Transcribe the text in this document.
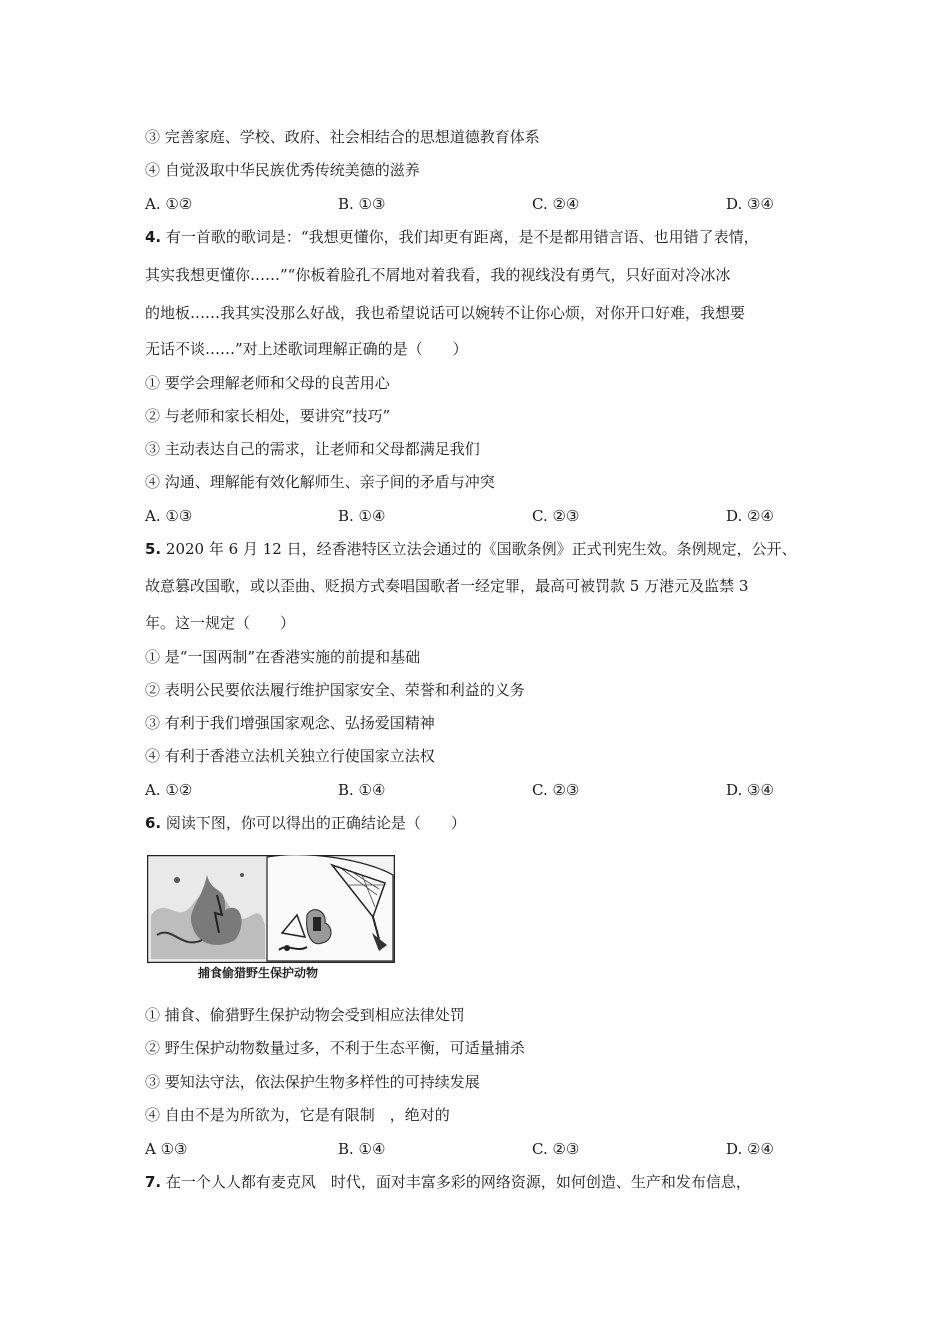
③ 完善家庭、学校、政府、社会相结合的思想道德教育体系
④ 自觉汲取中华民族优秀传统美德的滋养
A. ①②	B. ①③	C. ②④	D. ③④
4. 有一首歌的歌词是：“我想更懂你，我们却更有距离，是不是都用错言语、也用错了表情，
其实我想更懂你……”“你板着脸孔不屑地对着我看，我的视线没有勇气，只好面对冷冰冰
的地板……我其实没那么好战，我也希望说话可以婉转不让你心烦，对你开口好难，我想要
无话不谈……”对上述歌词理解正确的是（　　）
① 要学会理解老师和父母的良苦用心
② 与老师和家长相处，要讲究“技巧”
③ 主动表达自己的需求，让老师和父母都满足我们
④ 沟通、理解能有效化解师生、亲子间的矛盾与冲突
A. ①③	B. ①④	C. ②③	D. ②④
5. 2020 年 6 月 12 日，经香港特区立法会通过的《国歌条例》正式刊宪生效。条例规定，公开、
故意篡改国歌，或以歪曲、贬损方式奏唱国歌者一经定罪，最高可被罚款 5 万港元及监禁 3
年。这一规定（　　）
① 是“一国两制”在香港实施的前提和基础
② 表明公民要依法履行维护国家安全、荣誉和利益的义务
③ 有利于我们增强国家观念、弘扬爱国精神
④ 有利于香港立法机关独立行使国家立法权
A. ①②	B. ①④	C. ②③	D. ③④
6. 阅读下图，你可以得出的正确结论是（　　）
捕食偷猎野生保护动物
① 捕食、偷猎野生保护动物会受到相应法律处罚
② 野生保护动物数量过多，不利于生态平衡，可适量捕杀
③ 要知法守法，依法保护生物多样性的可持续发展
④ 自由不是为所欲为，它是有限制　，绝对的
A ①③	B. ①④	C. ②③	D. ②④
7. 在一个人人都有麦克风　时代，面对丰富多彩的网络资源，如何创造、生产和发布信息，
